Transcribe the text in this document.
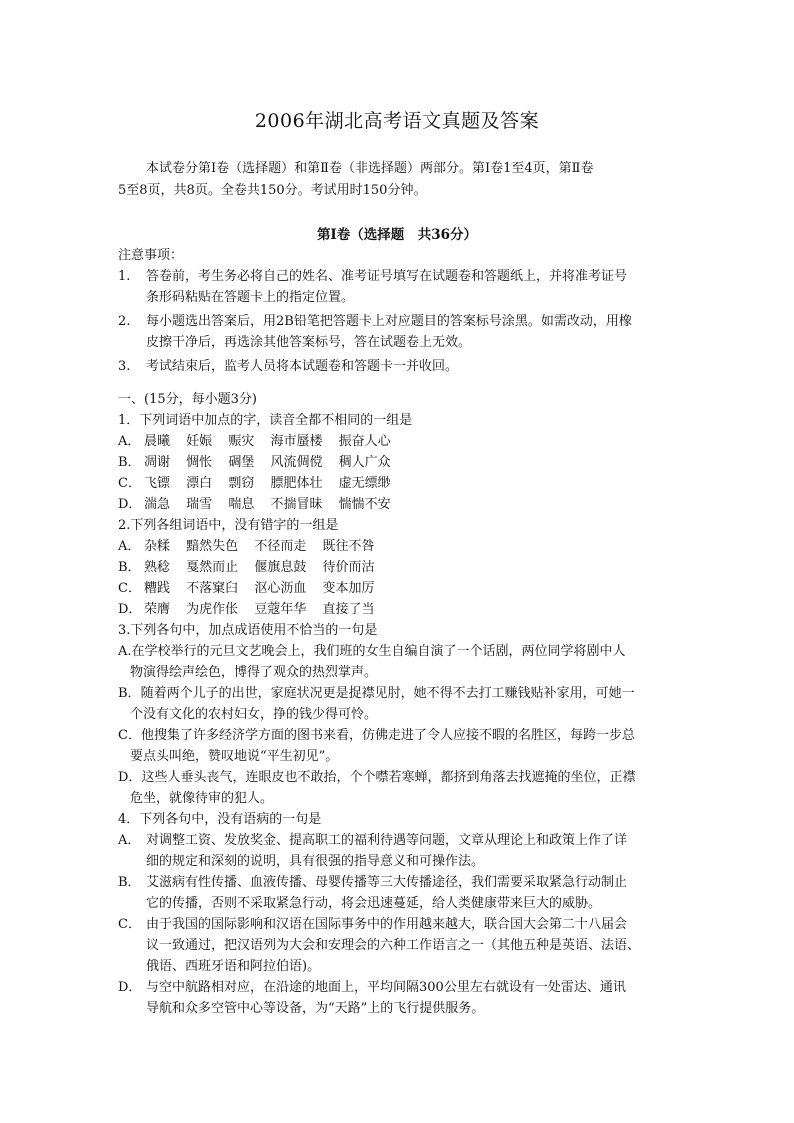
2006年湖北高考语文真题及答案
本试卷分第Ⅰ卷（选择题）和第Ⅱ卷（非选择题）两部分。第Ⅰ卷1至4页，第Ⅱ卷
5至8页，共8页。全卷共150分。考试用时150分钟。
第Ⅰ卷（选择题　共36分）
注意事项：
1. 答卷前，考生务必将自己的姓名、准考证号填写在试题卷和答题纸上，并将准考证号
条形码粘贴在答题卡上的指定位置。
2. 每小题选出答案后，用2B铅笔把答题卡上对应题目的答案标号涂黑。如需改动，用橡
皮擦干净后，再选涂其他答案标号，答在试题卷上无效。
3. 考试结束后，监考人员将本试题卷和答题卡一并收回。
一、(15分，每小题3分)
1．下列词语中加点的字，读音全都不相同的一组是
A． 晨曦 妊娠 赈灾 海市蜃楼 振奋人心
B． 凋谢 惆怅 碉堡 风流倜傥 稠人广众
C． 飞镖 漂白 剽窃 膘肥体壮 虚无缥缈
D． 湍急 瑞雪 喘息 不揣冒昧 惴惴不安
2.下列各组词语中，没有错字的一组是
A． 杂糅 黯然失色 不径而走 既往不咎
B． 熟稔 戛然而止 偃旗息鼓 待价而沽
C． 糟践 不落窠臼 沤心沥血 变本加厉
D． 荣膺 为虎作伥 豆蔻年华 直接了当
3.下列各句中，加点成语使用不恰当的一句是
A.在学校举行的元旦文艺晚会上，我们班的女生自编自演了一个话剧，两位同学将剧中人
物演得绘声绘色，博得了观众的热烈掌声。
B．随着两个儿子的出世，家庭状况更是捉襟见肘，她不得不去打工赚钱贴补家用，可她一
个没有文化的农村妇女，挣的钱少得可怜。
C．他搜集了许多经济学方面的图书来看，仿佛走进了令人应接不暇的名胜区，每跨一步总
要点头叫绝，赞叹地说“平生初见”。
D．这些人垂头丧气，连眼皮也不敢抬，个个噤若寒蝉，都挤到角落去找遮掩的坐位，正襟
危坐，就像待审的犯人。
4．下列各句中，没有语病的一句是
A． 对调整工资、发放奖金、提高职工的福利待遇等问题，文章从理论上和政策上作了详
细的规定和深刻的说明，具有很强的指导意义和可操作法。
B． 艾滋病有性传播、血液传播、母婴传播等三大传播途径，我们需要采取紧急行动制止
它的传播，否则不采取紧急行动，将会迅速蔓延，给人类健康带来巨大的威胁。
C． 由于我国的国际影响和汉语在国际事务中的作用越来越大，联合国大会第二十八届会
议一致通过，把汉语列为大会和安理会的六种工作语言之一（其他五种是英语、法语、
俄语、西班牙语和阿拉伯语)。
D． 与空中航路相对应，在沿途的地面上，平均间隔300公里左右就设有一处雷达、通讯
导航和众多空管中心等设备，为“天路”上的飞行提供服务。
